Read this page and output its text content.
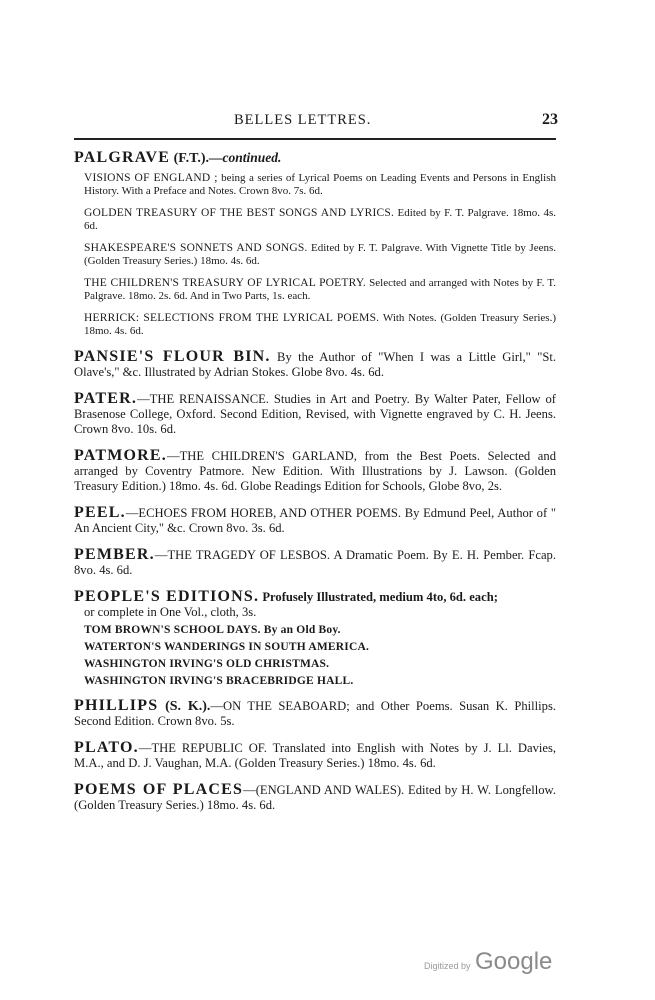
BELLES LETTRES.	23
PALGRAVE (F.T.).—continued.
VISIONS OF ENGLAND ; being a series of Lyrical Poems on Leading Events and Persons in English History. With a Preface and Notes. Crown 8vo. 7s. 6d.
GOLDEN TREASURY OF THE BEST SONGS AND LYRICS. Edited by F. T. Palgrave. 18mo. 4s. 6d.
SHAKESPEARE'S SONNETS AND SONGS. Edited by F. T. Palgrave. With Vignette Title by Jeens. (Golden Treasury Series.) 18mo. 4s. 6d.
THE CHILDREN'S TREASURY OF LYRICAL POETRY. Selected and arranged with Notes by F. T. Palgrave. 18mo. 2s. 6d. And in Two Parts, 1s. each.
HERRICK: SELECTIONS FROM THE LYRICAL POEMS. With Notes. (Golden Treasury Series.) 18mo. 4s. 6d.
PANSIE'S FLOUR BIN. By the Author of "When I was a Little Girl," "St. Olave's," &c. Illustrated by Adrian Stokes. Globe 8vo. 4s. 6d.
PATER.—THE RENAISSANCE. Studies in Art and Poetry. By Walter Pater, Fellow of Brasenose College, Oxford. Second Edition, Revised, with Vignette engraved by C. H. Jeens. Crown 8vo. 10s. 6d.
PATMORE.—THE CHILDREN'S GARLAND, from the Best Poets. Selected and arranged by Coventry Patmore. New Edition. With Illustrations by J. Lawson. (Golden Treasury Edition.) 18mo. 4s. 6d. Globe Readings Edition for Schools, Globe 8vo, 2s.
PEEL.—ECHOES FROM HOREB, AND OTHER POEMS. By Edmund Peel, Author of " An Ancient City," &c. Crown 8vo. 3s. 6d.
PEMBER.—THE TRAGEDY OF LESBOS. A Dramatic Poem. By E. H. Pember. Fcap. 8vo. 4s. 6d.
PEOPLE'S EDITIONS. Profusely Illustrated, medium 4to, 6d. each;
or complete in One Vol., cloth, 3s.
TOM BROWN'S SCHOOL DAYS. By an Old Boy.
WATERTON'S WANDERINGS IN SOUTH AMERICA.
WASHINGTON IRVING'S OLD CHRISTMAS.
WASHINGTON IRVING'S BRACEBRIDGE HALL.
PHILLIPS (S. K.).—ON THE SEABOARD; and Other Poems. Susan K. Phillips. Second Edition. Crown 8vo. 5s.
PLATO.—THE REPUBLIC OF. Translated into English with Notes by J. Ll. Davies, M.A., and D. J. Vaughan, M.A. (Golden Treasury Series.) 18mo. 4s. 6d.
POEMS OF PLACES—(ENGLAND AND WALES). Edited by H. W. Longfellow. (Golden Treasury Series.) 18mo. 4s. 6d.
Digitized by Google
